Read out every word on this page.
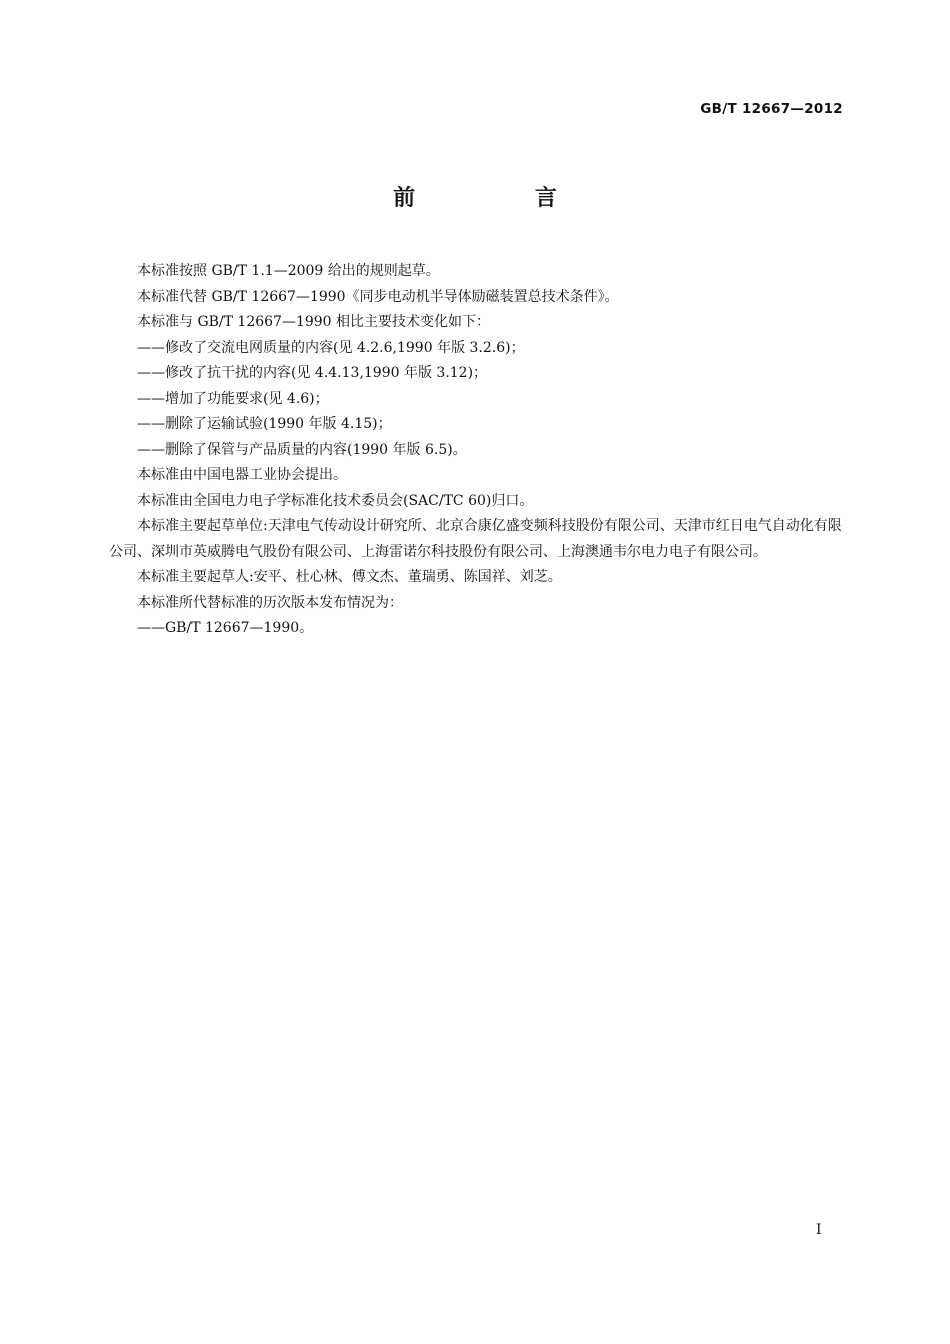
GB/T 12667—2012
前 言

本标准按照 GB/T 1.1—2009 给出的规则起草。

本标准代替 GB/T 12667—1990《同步电动机半导体励磁装置总技术条件》。

本标准与 GB/T 12667—1990 相比主要技术变化如下：

——修改了交流电网质量的内容(见 4.2.6,1990 年版 3.2.6)；

——修改了抗干扰的内容(见 4.4.13,1990 年版 3.12)；

——增加了功能要求(见 4.6)；

——删除了运输试验(1990 年版 4.15)；

——删除了保管与产品质量的内容(1990 年版 6.5)。

本标准由中国电器工业协会提出。

本标准由全国电力电子学标准化技术委员会(SAC/TC 60)归口。

本标准主要起草单位:天津电气传动设计研究所、北京合康亿盛变频科技股份有限公司、天津市红日电气自动化有限公司、深圳市英威腾电气股份有限公司、上海雷诺尔科技股份有限公司、上海澳通韦尔电力电子有限公司。

本标准主要起草人:安平、杜心林、傅文杰、董瑞勇、陈国祥、刘芝。

本标准所代替标准的历次版本发布情况为：

——GB/T 12667—1990。

I
